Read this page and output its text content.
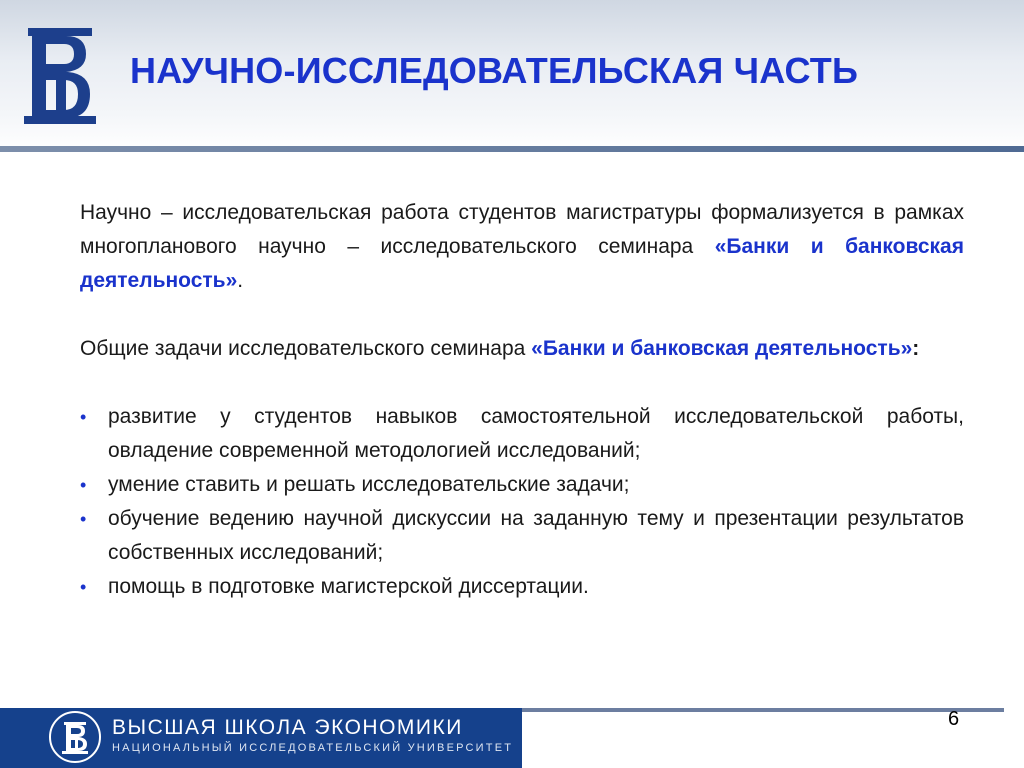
НАУЧНО-ИССЛЕДОВАТЕЛЬСКАЯ ЧАСТЬ

Научно – исследовательская работа студентов магистратуры формализуется в рамках многопланового научно – исследовательского семинара «Банки и банковская деятельность».

Общие задачи исследовательского семинара «Банки и банковская деятельность»:

• развитие у студентов навыков самостоятельной исследовательской работы, овладение современной методологией исследований;
• умение ставить и решать исследовательские задачи;
• обучение ведению научной дискуссии на заданную тему и презентации результатов собственных исследований;
• помощь в подготовке магистерской диссертации.
ВЫСШАЯ ШКОЛА ЭКОНОМИКИ
НАЦИОНАЛЬНЫЙ ИССЛЕДОВАТЕЛЬСКИЙ УНИВЕРСИТЕТ
6
